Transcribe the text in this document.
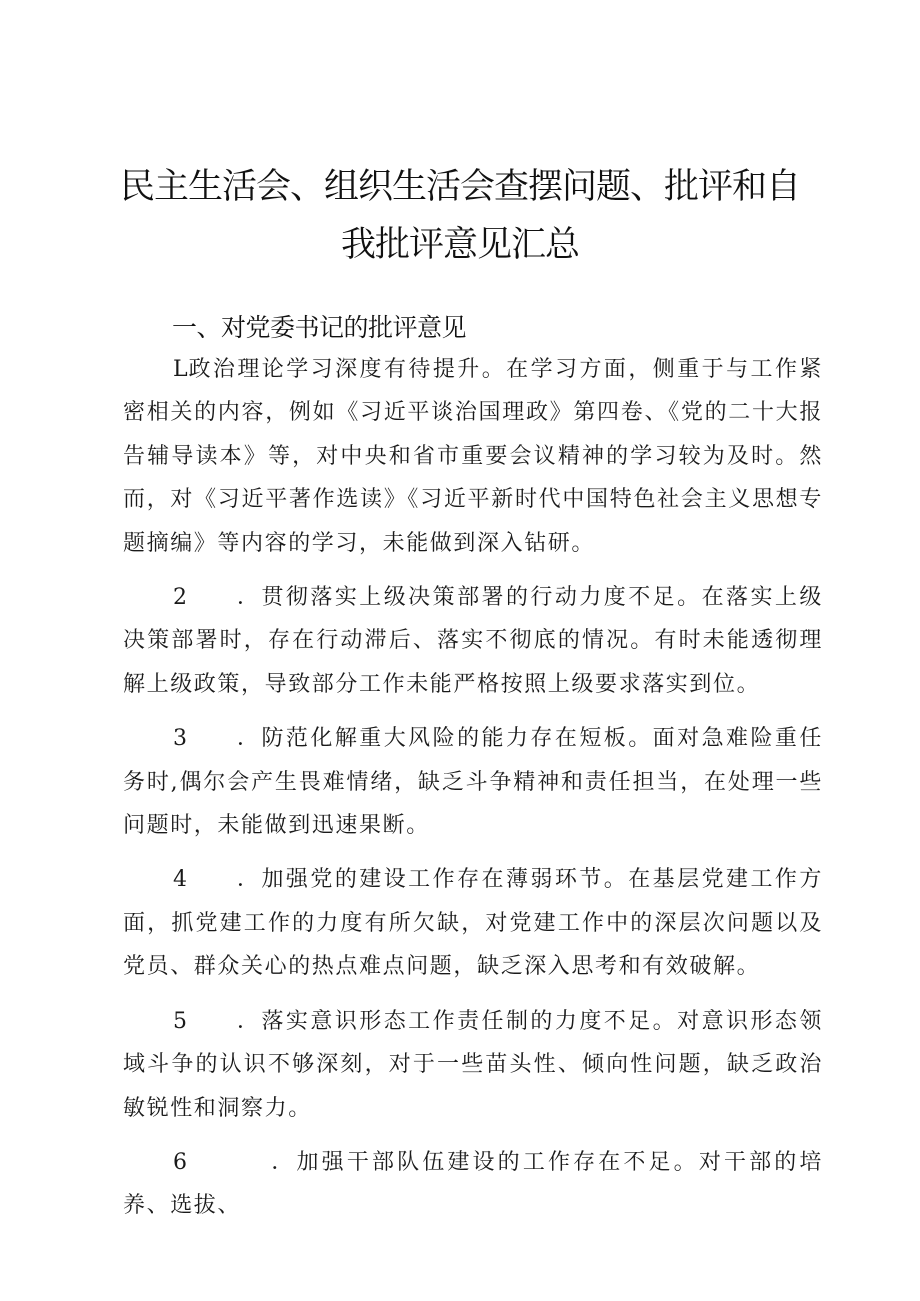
民主生活会、组织生活会查摆问题、批评和自
我批评意见汇总
一、对党委书记的批评意见

L政治理论学习深度有待提升。在学习方面，侧重于与工作紧密相关的内容，例如《习近平谈治国理政》第四卷、《党的二十大报告辅导读本》等，对中央和省市重要会议精神的学习较为及时。然而，对《习近平著作选读》《习近平新时代中国特色社会主义思想专题摘编》等内容的学习，未能做到深入钻研。

2 ．贯彻落实上级决策部署的行动力度不足。在落实上级决策部署时，存在行动滞后、落实不彻底的情况。有时未能透彻理解上级政策，导致部分工作未能严格按照上级要求落实到位。

3 ．防范化解重大风险的能力存在短板。面对急难险重任务时,偶尔会产生畏难情绪，缺乏斗争精神和责任担当，在处理一些问题时，未能做到迅速果断。

4 ．加强党的建设工作存在薄弱环节。在基层党建工作方面，抓党建工作的力度有所欠缺，对党建工作中的深层次问题以及党员、群众关心的热点难点问题，缺乏深入思考和有效破解。

5 ．落实意识形态工作责任制的力度不足。对意识形态领域斗争的认识不够深刻，对于一些苗头性、倾向性问题，缺乏政治敏锐性和洞察力。

6    ．加强干部队伍建设的工作存在不足。对干部的培养、选拔、
